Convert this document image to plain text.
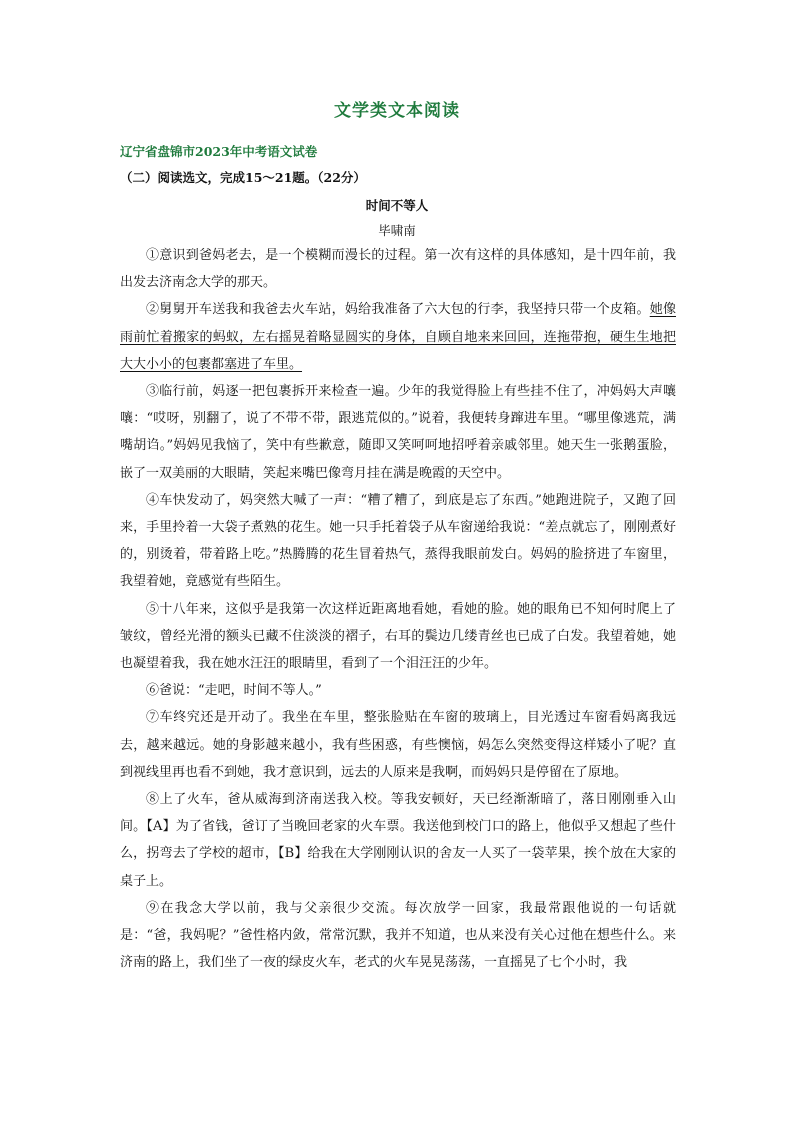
文学类文本阅读
辽宁省盘锦市2023年中考语文试卷
（二）阅读选文，完成15～21题。（22分）
时间不等人
毕啸南

①意识到爸妈老去，是一个模糊而漫长的过程。第一次有这样的具体感知，是十四年前，我出发去济南念大学的那天。

②舅舅开车送我和我爸去火车站，妈给我准备了六大包的行李，我坚持只带一个皮箱。她像雨前忙着搬家的蚂蚁，左右摇晃着略显圆实的身体，自顾自地来来回回，连拖带抱，硬生生地把大大小小的包裹都塞进了车里。

③临行前，妈逐一把包裹拆开来检查一遍。少年的我觉得脸上有些挂不住了，冲妈妈大声嚷嚷：“哎呀，别翻了，说了不带不带，跟逃荒似的。”说着，我便转身蹿进车里。“哪里像逃荒，满嘴胡诌。”妈妈见我恼了，笑中有些歉意，随即又笑呵呵地招呼着亲戚邻里。她天生一张鹅蛋脸，嵌了一双美丽的大眼睛，笑起来嘴巴像弯月挂在满是晚霞的天空中。

④车快发动了，妈突然大喊了一声：“糟了糟了，到底是忘了东西。”她跑进院子，又跑了回来，手里拎着一大袋子煮熟的花生。她一只手托着袋子从车窗递给我说：“差点就忘了，刚刚煮好的，别烫着，带着路上吃。”热腾腾的花生冒着热气，蒸得我眼前发白。妈妈的脸挤进了车窗里，我望着她，竟感觉有些陌生。

⑤十八年来，这似乎是我第一次这样近距离地看她，看她的脸。她的眼角已不知何时爬上了皱纹，曾经光滑的额头已藏不住淡淡的褶子，右耳的鬓边几缕青丝也已成了白发。我望着她，她也凝望着我，我在她水汪汪的眼睛里，看到了一个泪汪汪的少年。

⑥爸说：“走吧，时间不等人。”

⑦车终究还是开动了。我坐在车里，整张脸贴在车窗的玻璃上，目光透过车窗看妈离我远去，越来越远。她的身影越来越小，我有些困惑，有些懊恼，妈怎么突然变得这样矮小了呢？直到视线里再也看不到她，我才意识到，远去的人原来是我啊，而妈妈只是停留在了原地。

⑧上了火车，爸从威海到济南送我入校。等我安顿好，天已经渐渐暗了，落日刚刚垂入山间。【A】为了省钱，爸订了当晚回老家的火车票。我送他到校门口的路上，他似乎又想起了些什么，拐弯去了学校的超市，【B】给我在大学刚刚认识的舍友一人买了一袋苹果，挨个放在大家的桌子上。

⑨在我念大学以前，我与父亲很少交流。每次放学一回家，我最常跟他说的一句话就是：“爸，我妈呢？”爸性格内敛，常常沉默，我并不知道，也从来没有关心过他在想些什么。来济南的路上，我们坐了一夜的绿皮火车，老式的火车晃晃荡荡，一直摇晃了七个小时，我
